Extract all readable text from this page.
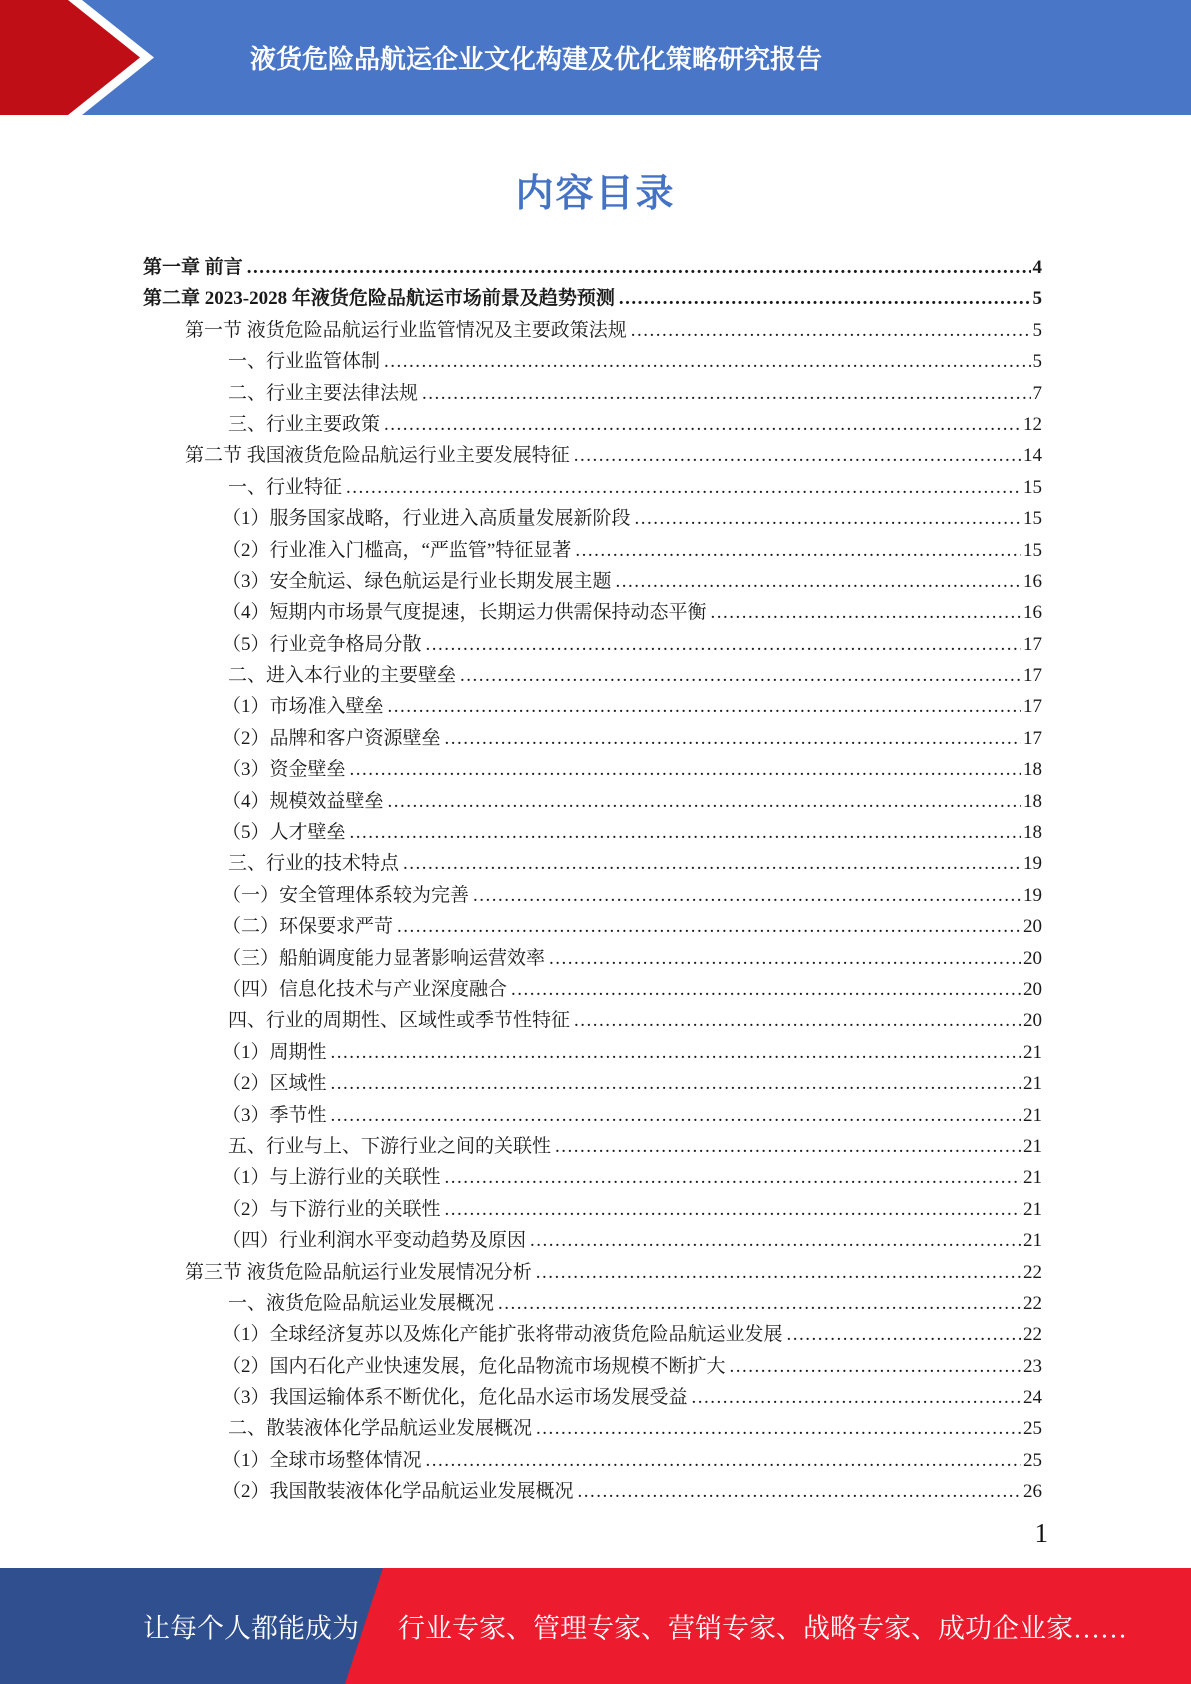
液货危险品航运企业文化构建及优化策略研究报告
内容目录
第一章 前言 .....	4
第二章 2023-2028 年液货危险品航运市场前景及趋势预测 .....	5
第一节 液货危险品航运行业监管情况及主要政策法规 .....	5
一、行业监管体制 .....	5
二、行业主要法律法规 .....	7
三、行业主要政策 .....	12
第二节 我国液货危险品航运行业主要发展特征 .....	14
一、行业特征 .....	15
（1）服务国家战略，行业进入高质量发展新阶段 .....	15
（2）行业准入门槛高，“严监管”特征显著 .....	15
（3）安全航运、绿色航运是行业长期发展主题 .....	16
（4）短期内市场景气度提速，长期运力供需保持动态平衡 .....	16
（5）行业竞争格局分散 .....	17
二、进入本行业的主要壁垒 .....	17
（1）市场准入壁垒 .....	17
（2）品牌和客户资源壁垒 .....	17
（3）资金壁垒 .....	18
（4）规模效益壁垒 .....	18
（5）人才壁垒 .....	18
三、行业的技术特点 .....	19
（一）安全管理体系较为完善 .....	19
（二）环保要求严苛 .....	20
（三）船舶调度能力显著影响运营效率 .....	20
（四）信息化技术与产业深度融合 .....	20
四、行业的周期性、区域性或季节性特征 .....	20
（1）周期性 .....	21
（2）区域性 .....	21
（3）季节性 .....	21
五、行业与上、下游行业之间的关联性 .....	21
（1）与上游行业的关联性 .....	21
（2）与下游行业的关联性 .....	21
（四）行业利润水平变动趋势及原因 .....	21
第三节 液货危险品航运行业发展情况分析 .....	22
一、液货危险品航运业发展概况 .....	22
（1）全球经济复苏以及炼化产能扩张将带动液货危险品航运业发展 .....	22
（2）国内石化产业快速发展，危化品物流市场规模不断扩大 .....	23
（3）我国运输体系不断优化，危化品水运市场发展受益 .....	24
二、散装液体化学品航运业发展概况 .....	25
（1）全球市场整体情况 .....	25
（2）我国散装液体化学品航运业发展概况 .....	26
1
让每个人都能成为 行业专家、管理专家、营销专家、战略专家、成功企业家……
